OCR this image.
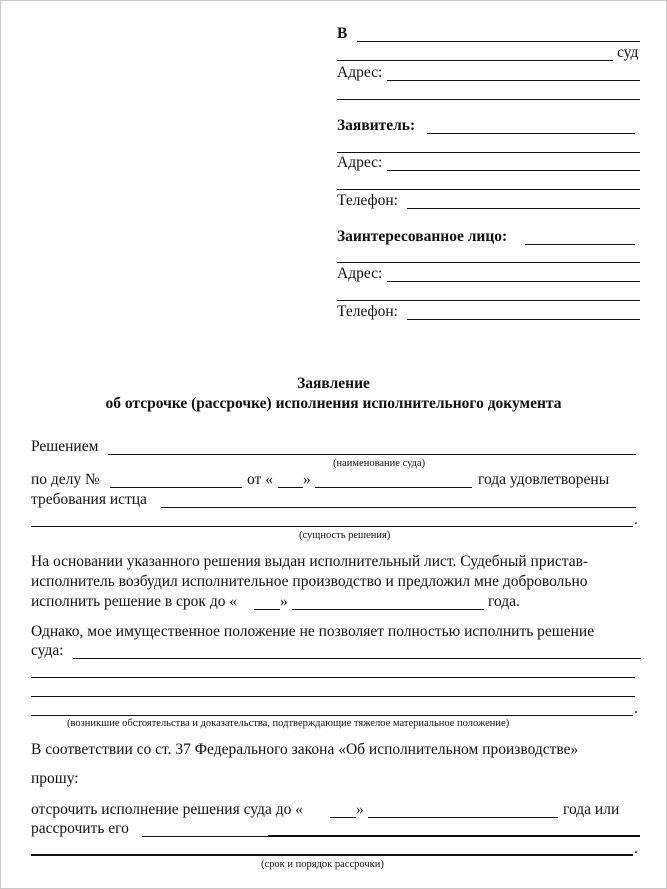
В
суд
Адрес:
Заявитель:
Адрес:
Телефон:
Заинтересованное лицо:
Адрес:
Телефон:
Заявление
об отсрочке (рассрочке) исполнения исполнительного документа
Решением
(наименование суда)
по делу №	от « »	года удовлетворены
требования истца
.
(сущность решения)
На основании указанного решения выдан исполнительный лист. Судебный пристав-
исполнитель возбудил исполнительное производство и предложил мне добровольно
исполнить решение в срок до «	»	года.
Однако, мое имущественное положение не позволяет полностью исполнить решение
суда:
.
(возникшие обстоятельства и доказательства, подтверждающие тяжелое материальное положение)
В соответствии со ст. 37 Федерального закона «Об исполнительном производстве»
прошу:
отсрочить исполнение решения суда до «	»	года или
рассрочить его
.
(срок и порядок рассрочки)
